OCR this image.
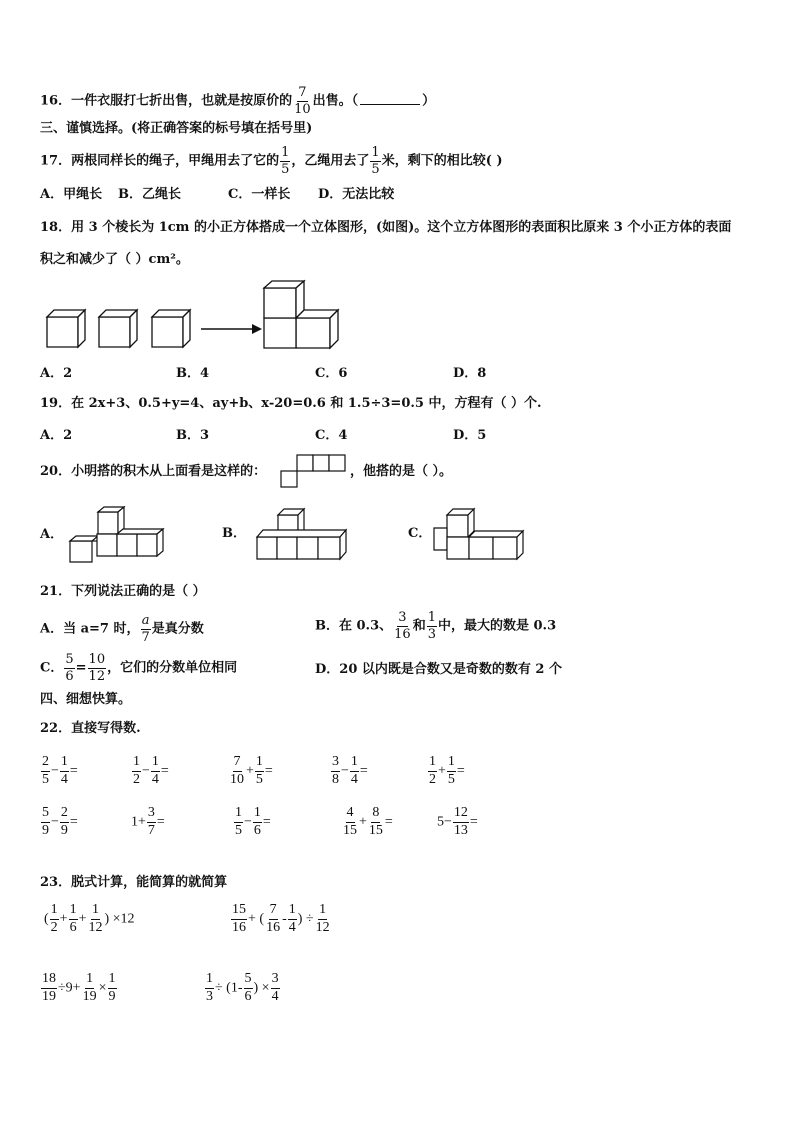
16．一件衣服打七折出售，也就是按原价的 $\frac{7}{10}$ 出售。（	）
三、谨慎选择。(将正确答案的标号填在括号里)
17．两根同样长的绳子，甲绳用去了它的 $\frac{1}{5}$ ，乙绳用去了 $\frac{1}{5}$ 米，剩下的相比较( )
A．甲绳长 B．乙绳长	C．一样长 D．无法比较
18．用 3 个棱长为 1cm 的小正方体搭成一个立体图形，(如图)。这个立方体图形的表面积比原来 3 个小正方体的表面
积之和减少了（ ）cm²。
A．2	B．4	C．6	D．8
19．在 2x+3、0.5+y=4、ay+b、x-20=0.6 和 1.5÷3=0.5 中，方程有（ ）个.
A．2	B．3	C．4	D．5
20．小明搭的积木从上面看是这样的：	，他搭的是（ ）。
A．	B．	C．
21．下列说法正确的是（ ）
A．当 a=7 时， $\frac{a}{7}$ 是真分数	B．在 0.3、 $\frac{3}{16}$ 和 $\frac{1}{3}$ 中，最大的数是 0.3
C． $\frac{5}{6} = \frac{10}{12}$ ，它们的分数单位相同	D．20 以内既是合数又是奇数的数有 2 个
四、细想快算。
22．直接写得数.
$\frac{2}{5} - \frac{1}{4}$ =	$\frac{1}{2} - \frac{1}{4}$ =	$\frac{7}{10} + \frac{1}{5}$ =	$\frac{3}{8} - \frac{1}{4}$ =	$\frac{1}{2} + \frac{1}{5}$ =
$\frac{5}{9} - \frac{2}{9}$ =	$1+ \frac{3}{7}$ =	$\frac{1}{5} - \frac{1}{6}$ =	$\frac{4}{15} + \frac{8}{15}$ =	$5- \frac{12}{13}$ =
23．脱式计算，能简算的就简算
( $\frac{1}{2} + \frac{1}{6} + \frac{1}{12}$ ) ×12	$\frac{15}{16}$ + ( $\frac{7}{16} - \frac{1}{4}$ ) ÷ $\frac{1}{12}$
$\frac{18}{19} \div 9+ \frac{1}{19} \times \frac{1}{9}$	$\frac{1}{3} \div (1- \frac{5}{6}$ ) × $\frac{3}{4}$
